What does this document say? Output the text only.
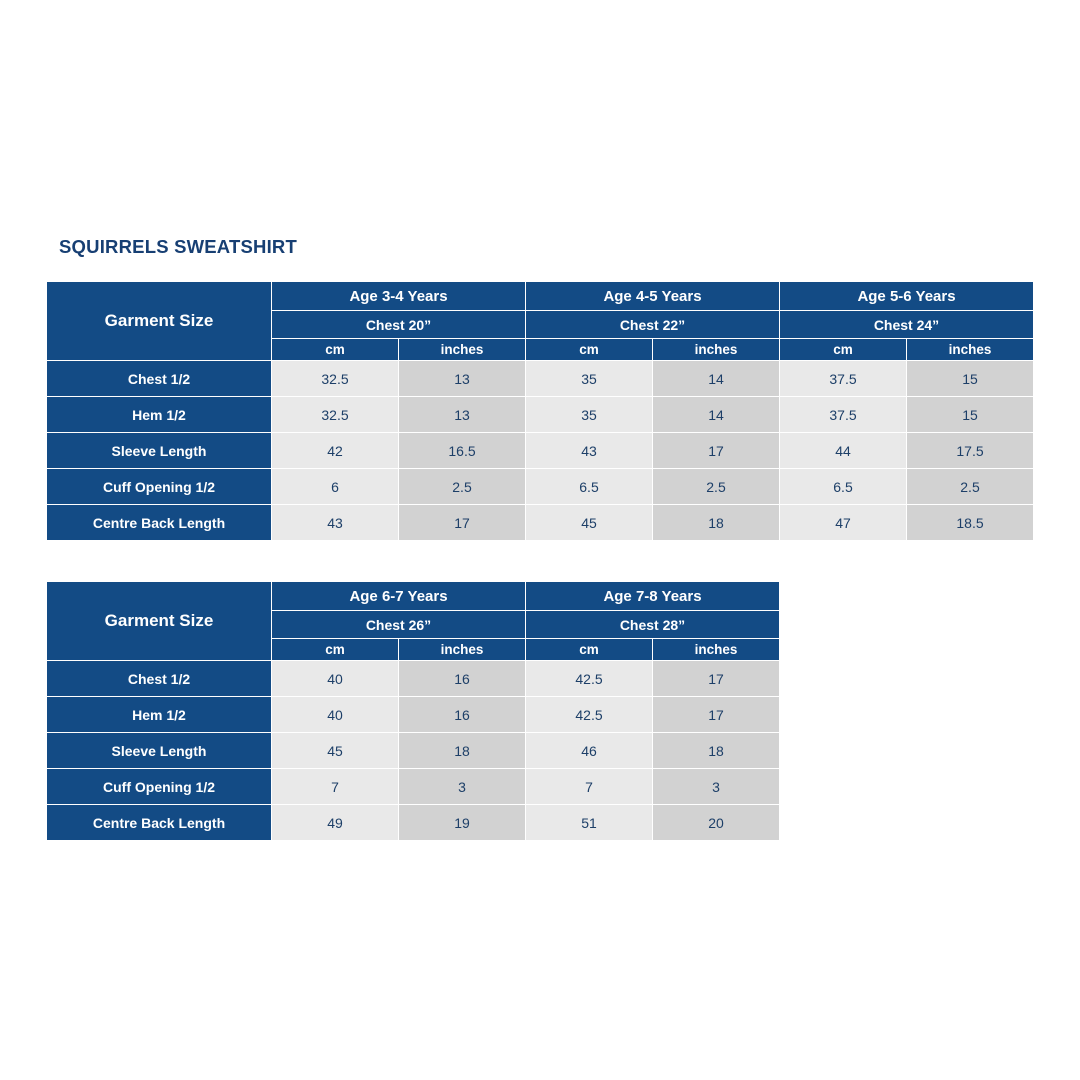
SQUIRRELS SWEATSHIRT
Garment Size	Age 3-4 Years		Age 4-5 Years		Age 5-6 Years	
	Chest 20”		Chest 22”		Chest 24”	
	cm	inches	cm	inches	cm	inches
Chest 1/2	32.5	13	35	14	37.5	15
Hem 1/2	32.5	13	35	14	37.5	15
Sleeve Length	42	16.5	43	17	44	17.5
Cuff Opening 1/2	6	2.5	6.5	2.5	6.5	2.5
Centre Back Length	43	17	45	18	47	18.5
Garment Size	Age 6-7 Years		Age 7-8 Years	
	Chest 26”		Chest 28”	
	cm	inches	cm	inches
Chest 1/2	40	16	42.5	17
Hem 1/2	40	16	42.5	17
Sleeve Length	45	18	46	18
Cuff Opening 1/2	7	3	7	3
Centre Back Length	49	19	51	20
